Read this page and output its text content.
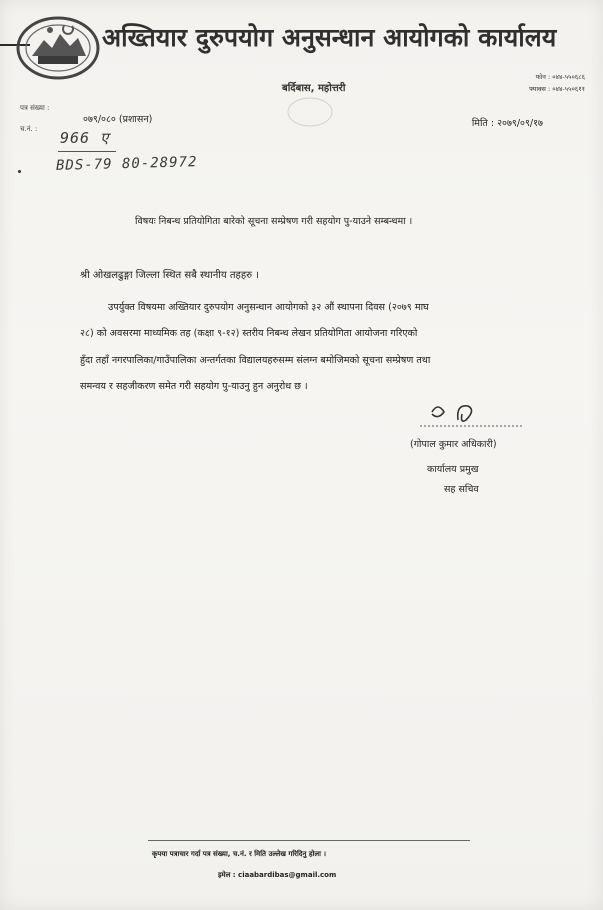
अख्तियार दुरुपयोग अनुसन्धान आयोगको कार्यालय
बर्दिबास, महोत्तरी
फोन : ०४४-५५०६८६
फ्याक्स : ०४४-५५०६११
पत्र संख्या :
०७९/०८० (प्रशासन)
च.नं. : 966 ए
BDS-79 80-28972
मिति : २०७९/०९/१७
विषयः निबन्ध प्रतियोगिता बारेको सूचना सम्प्रेषण गरी सहयोग पु-याउने सम्बन्धमा ।
श्री ओखलढुङ्गा जिल्ला स्थित सबै स्थानीय तहहरु ।
उपर्युक्त विषयमा अख्तियार दुरुपयोग अनुसन्धान आयोगको ३२ औं स्थापना दिवस (२०७९ माघ
२८) को अवसरमा माध्यमिक तह (कक्षा ९-१२) स्तरीय निबन्ध लेखन प्रतियोगिता आयोजना गरिएको
हुँदा तहाँ नगरपालिका/गाउँपालिका अन्तर्गतका विद्यालयहरुसम्म संलग्न बमोजिमको सूचना सम्प्रेषण तथा
समन्वय र सहजीकरण समेत गरी सहयोग पु-याउनु हुन अनुरोध छ ।
(गोपाल कुमार अधिकारी)
कार्यालय प्रमुख
सह सचिव
कृपया पत्राचार गर्दा पत्र संख्या, च.नं. र मिति उल्लेख गरिदिनु होला ।
इमेल : ciaabardibas@gmail.com
